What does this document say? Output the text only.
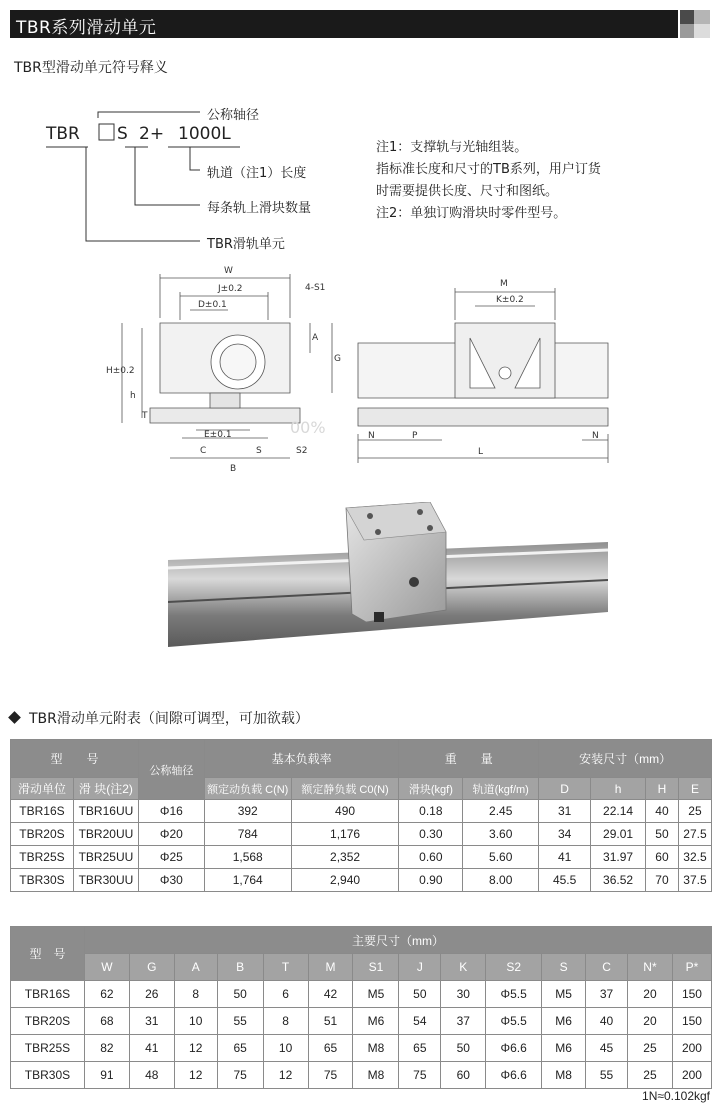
TBR系列滑动单元
TBR型滑动单元符号释义
TBR S 2+ 1000L
公称轴径
轨道（注1）长度
每条轨上滑块数量
TBR滑轨单元
注1：支撑轨与光轴组装。
指标准长度和尺寸的TB系列，用户订货
时需要提供长度、尺寸和图纸。
注2：单独订购滑块时零件型号。
W
J±0.2
D±0.1
4-S1
A
G
H±0.2
h
T
E±0.1
C	S	S2
B
00%
M
K±0.2
N	P	N
L
TBR滑动单元附表（间隙可调型，可加欲载）
型　　号		公称轴径	基本负载率		重　　量		安装尺寸（mm）			
滑动单位	滑 块(注2)		额定动负载 C(N)	额定静负载 C0(N)	滑块(kgf)	轨道(kgf/m)	D	h	H	E
TBR16S	TBR16UU	Φ16	392	490	0.18	2.45	31	22.14	40	25
TBR20S	TBR20UU	Φ20	784	1,176	0.30	3.60	34	29.01	50	27.5
TBR25S	TBR25UU	Φ25	1,568	2,352	0.60	5.60	41	31.97	60	32.5
TBR30S	TBR30UU	Φ30	1,764	2,940	0.90	8.00	45.5	36.52	70	37.5
型　号	主要尺寸（mm）													
	W	G	A	B	T	M	S1	J	K	S2	S	C	N*	P*
TBR16S	62	26	8	50	6	42	M5	50	30	Φ5.5	M5	37	20	150
TBR20S	68	31	10	55	8	51	M6	54	37	Φ5.5	M6	40	20	150
TBR25S	82	41	12	65	10	65	M8	65	50	Φ6.6	M6	45	25	200
TBR30S	91	48	12	75	12	75	M8	75	60	Φ6.6	M8	55	25	200
1N≈0.102kgf
